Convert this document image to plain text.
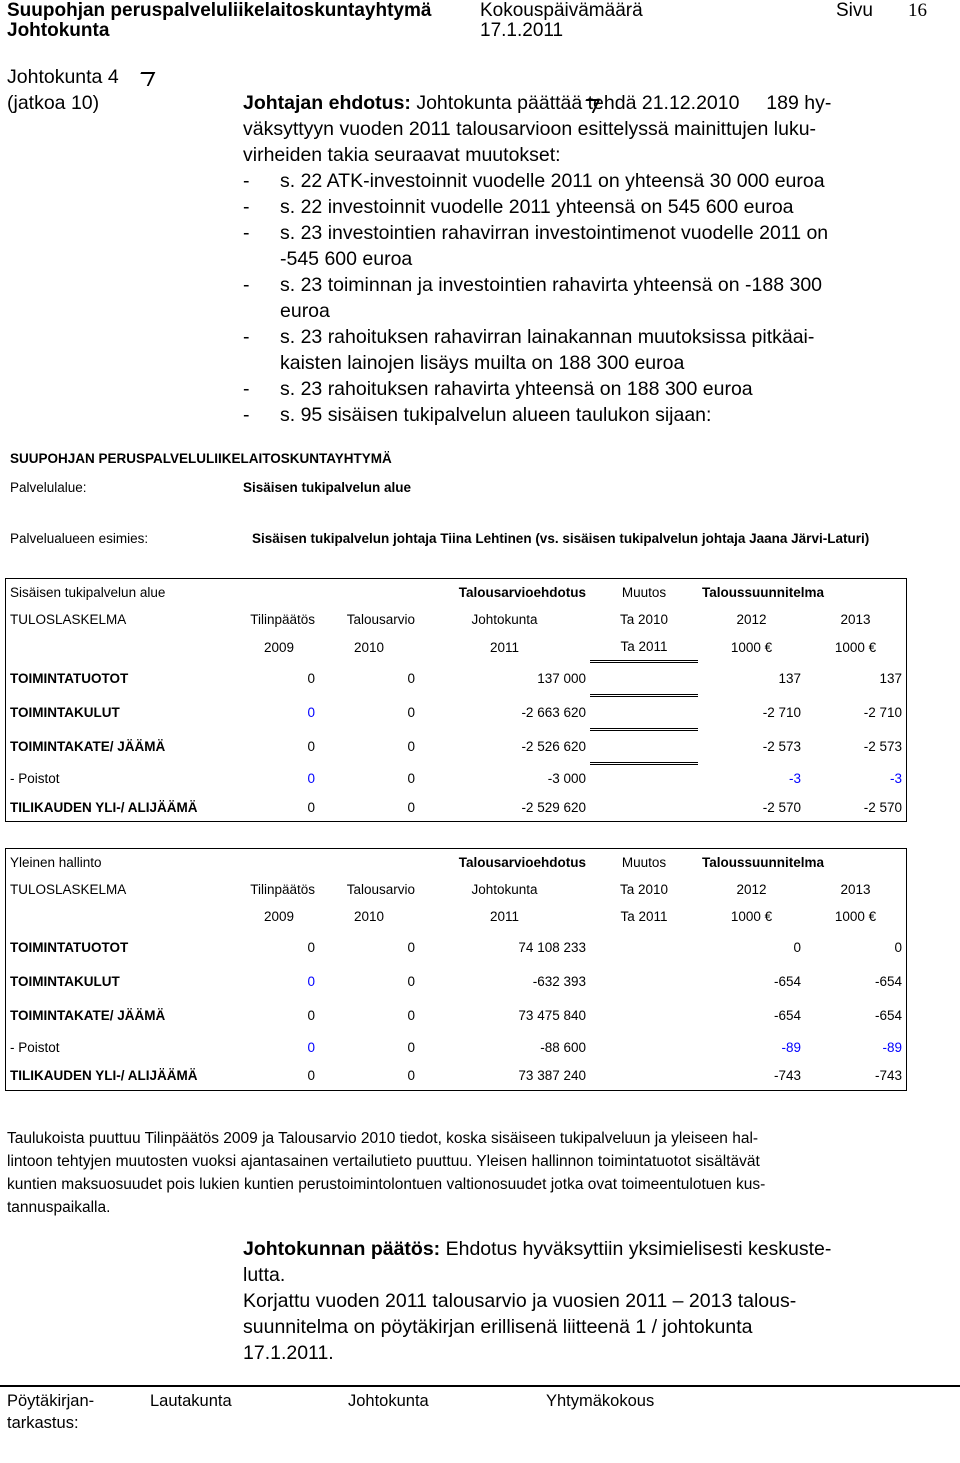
Suupohjan peruspalveluliikelaitoskuntayhtymä	Kokouspäivämäärä	Sivu 16
Johtokunta	17.1.2011
Johtokunta 4
(jatkoa 10)	Johtajan ehdotus: Johtokunta päättää tehdä 21.12.2010  189 hy-
väksyttyyn vuoden 2011 talousarvioon esittelyssä mainittujen luku-
virheiden takia seuraavat muutokset:
- s. 22 ATK-investoinnit vuodelle 2011 on yhteensä 30 000 euroa
- s. 22 investoinnit vuodelle 2011 yhteensä on 545 600 euroa
- s. 23 investointien rahavirran investointimenot vuodelle 2011 on
-545 600 euroa
- s. 23 toiminnan ja investointien rahavirta yhteensä on -188 300
euroa
- s. 23 rahoituksen rahavirran lainakannan muutoksissa pitkäai-
kaisten lainojen lisäys muilta on 188 300 euroa
- s. 23 rahoituksen rahavirta yhteensä on 188 300 euroa
- s. 95 sisäisen tukipalvelun alueen taulukon sijaan:
SUUPOHJAN PERUSPALVELULIIKELAITOSKUNTAYHTYMÄ
Palvelulalue:	Sisäisen tukipalvelun alue
Palvelualueen esimies:	Sisäisen tukipalvelun johtaja Tiina Lehtinen (vs. sisäisen tukipalvelun johtaja Jaana Järvi-Laturi)
Sisäisen tukipalvelun alue			Talousarvioehdotus	Muutos	Taloussuunnitelma	
TULOSLASKELMA	Tilinpäätös	Talousarvio	Johtokunta	Ta 2010	2012	2013
	2009	2010	2011	Ta 2011	1000 €	1000 €
TOIMINTATUOTOT	0	0	137 000		137	137
TOIMINTAKULUT	0	0	-2 663 620		-2 710	-2 710
TOIMINTAKATE/ JÄÄMÄ	0	0	-2 526 620		-2 573	-2 573
- Poistot	0	0	-3 000		-3	-3
TILIKAUDEN YLI-/ ALIJÄÄMÄ	0	0	-2 529 620		-2 570	-2 570
Yleinen hallinto			Talousarvioehdotus	Muutos	Taloussuunnitelma	
TULOSLASKELMA	Tilinpäätös	Talousarvio	Johtokunta	Ta 2010	2012	2013
	2009	2010	2011	Ta 2011	1000 €	1000 €
TOIMINTATUOTOT	0	0	74 108 233		0	0
TOIMINTAKULUT	0	0	-632 393		-654	-654
TOIMINTAKATE/ JÄÄMÄ	0	0	73 475 840		-654	-654
- Poistot	0	0	-88 600		-89	-89
TILIKAUDEN YLI-/ ALIJÄÄMÄ	0	0	73 387 240		-743	-743
Taulukoista puuttuu Tilinpäätös 2009 ja Talousarvio 2010 tiedot, koska sisäiseen tukipalveluun ja yleiseen hal-
lintoon tehtyjen muutosten vuoksi ajantasainen vertailutieto puuttuu. Yleisen hallinnon toimintatuotot sisältävät
kuntien maksuosuudet pois lukien kuntien perustoimintolontuen valtionosuudet jotka ovat toimeentulotuen kus-
tannuspaikalla.
Johtokunnan päätös: Ehdotus hyväksyttiin yksimielisesti keskuste-
lutta.
Korjattu vuoden 2011 talousarvio ja vuosien 2011 – 2013 talous-
suunnitelma on pöytäkirjan erillisenä liitteenä 1 / johtokunta
17.1.2011.
Pöytäkirjan-
tarkastus:
Lautakunta	Johtokunta	Yhtymäkokous
